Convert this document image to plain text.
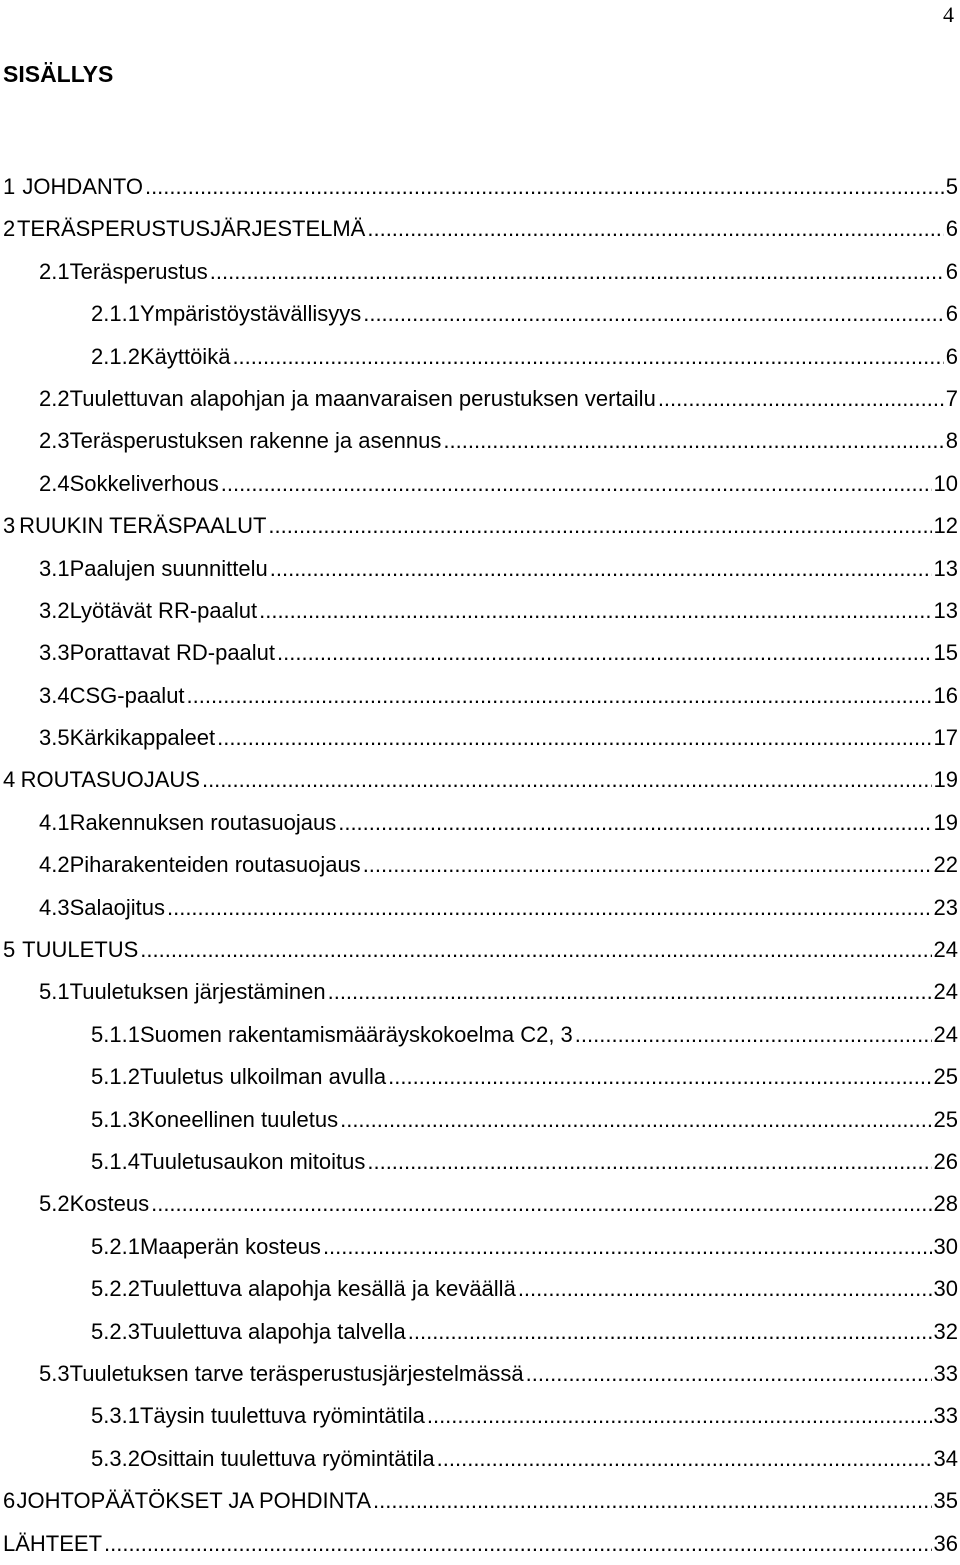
4
SISÄLLYS
1 JOHDANTO .....	5
2 TERÄSPERUSTUSJÄRJESTELMÄ .....	6
2.1 Teräsperustus .....	6
2.1.1 Ympäristöystävällisyys .....	6
2.1.2 Käyttöikä .....	6
2.2 Tuulettuvan alapohjan ja maanvaraisen perustuksen vertailu .....	7
2.3 Teräsperustuksen rakenne ja asennus .....	8
2.4 Sokkeliverhous .....	10
3 RUUKIN TERÄSPAALUT .....	12
3.1 Paalujen suunnittelu .....	13
3.2 Lyötävät RR-paalut .....	13
3.3 Porattavat RD-paalut .....	15
3.4 CSG-paalut .....	16
3.5 Kärkikappaleet .....	17
4 ROUTASUOJAUS .....	19
4.1 Rakennuksen routasuojaus .....	19
4.2 Piharakenteiden routasuojaus .....	22
4.3 Salaojitus .....	23
5 TUULETUS .....	24
5.1 Tuuletuksen järjestäminen .....	24
5.1.1 Suomen rakentamismääräyskokoelma C2, 3 .....	24
5.1.2 Tuuletus ulkoilman avulla .....	25
5.1.3 Koneellinen tuuletus .....	25
5.1.4 Tuuletusaukon mitoitus .....	26
5.2 Kosteus .....	28
5.2.1 Maaperän kosteus .....	30
5.2.2 Tuulettuva alapohja kesällä ja keväällä .....	30
5.2.3 Tuulettuva alapohja talvella .....	32
5.3 Tuuletuksen tarve teräsperustusjärjestelmässä .....	33
5.3.1 Täysin tuulettuva ryömintätila .....	33
5.3.2 Osittain tuulettuva ryömintätila .....	34
6 JOHTOPÄÄTÖKSET JA POHDINTA .....	35
LÄHTEET .....	36
